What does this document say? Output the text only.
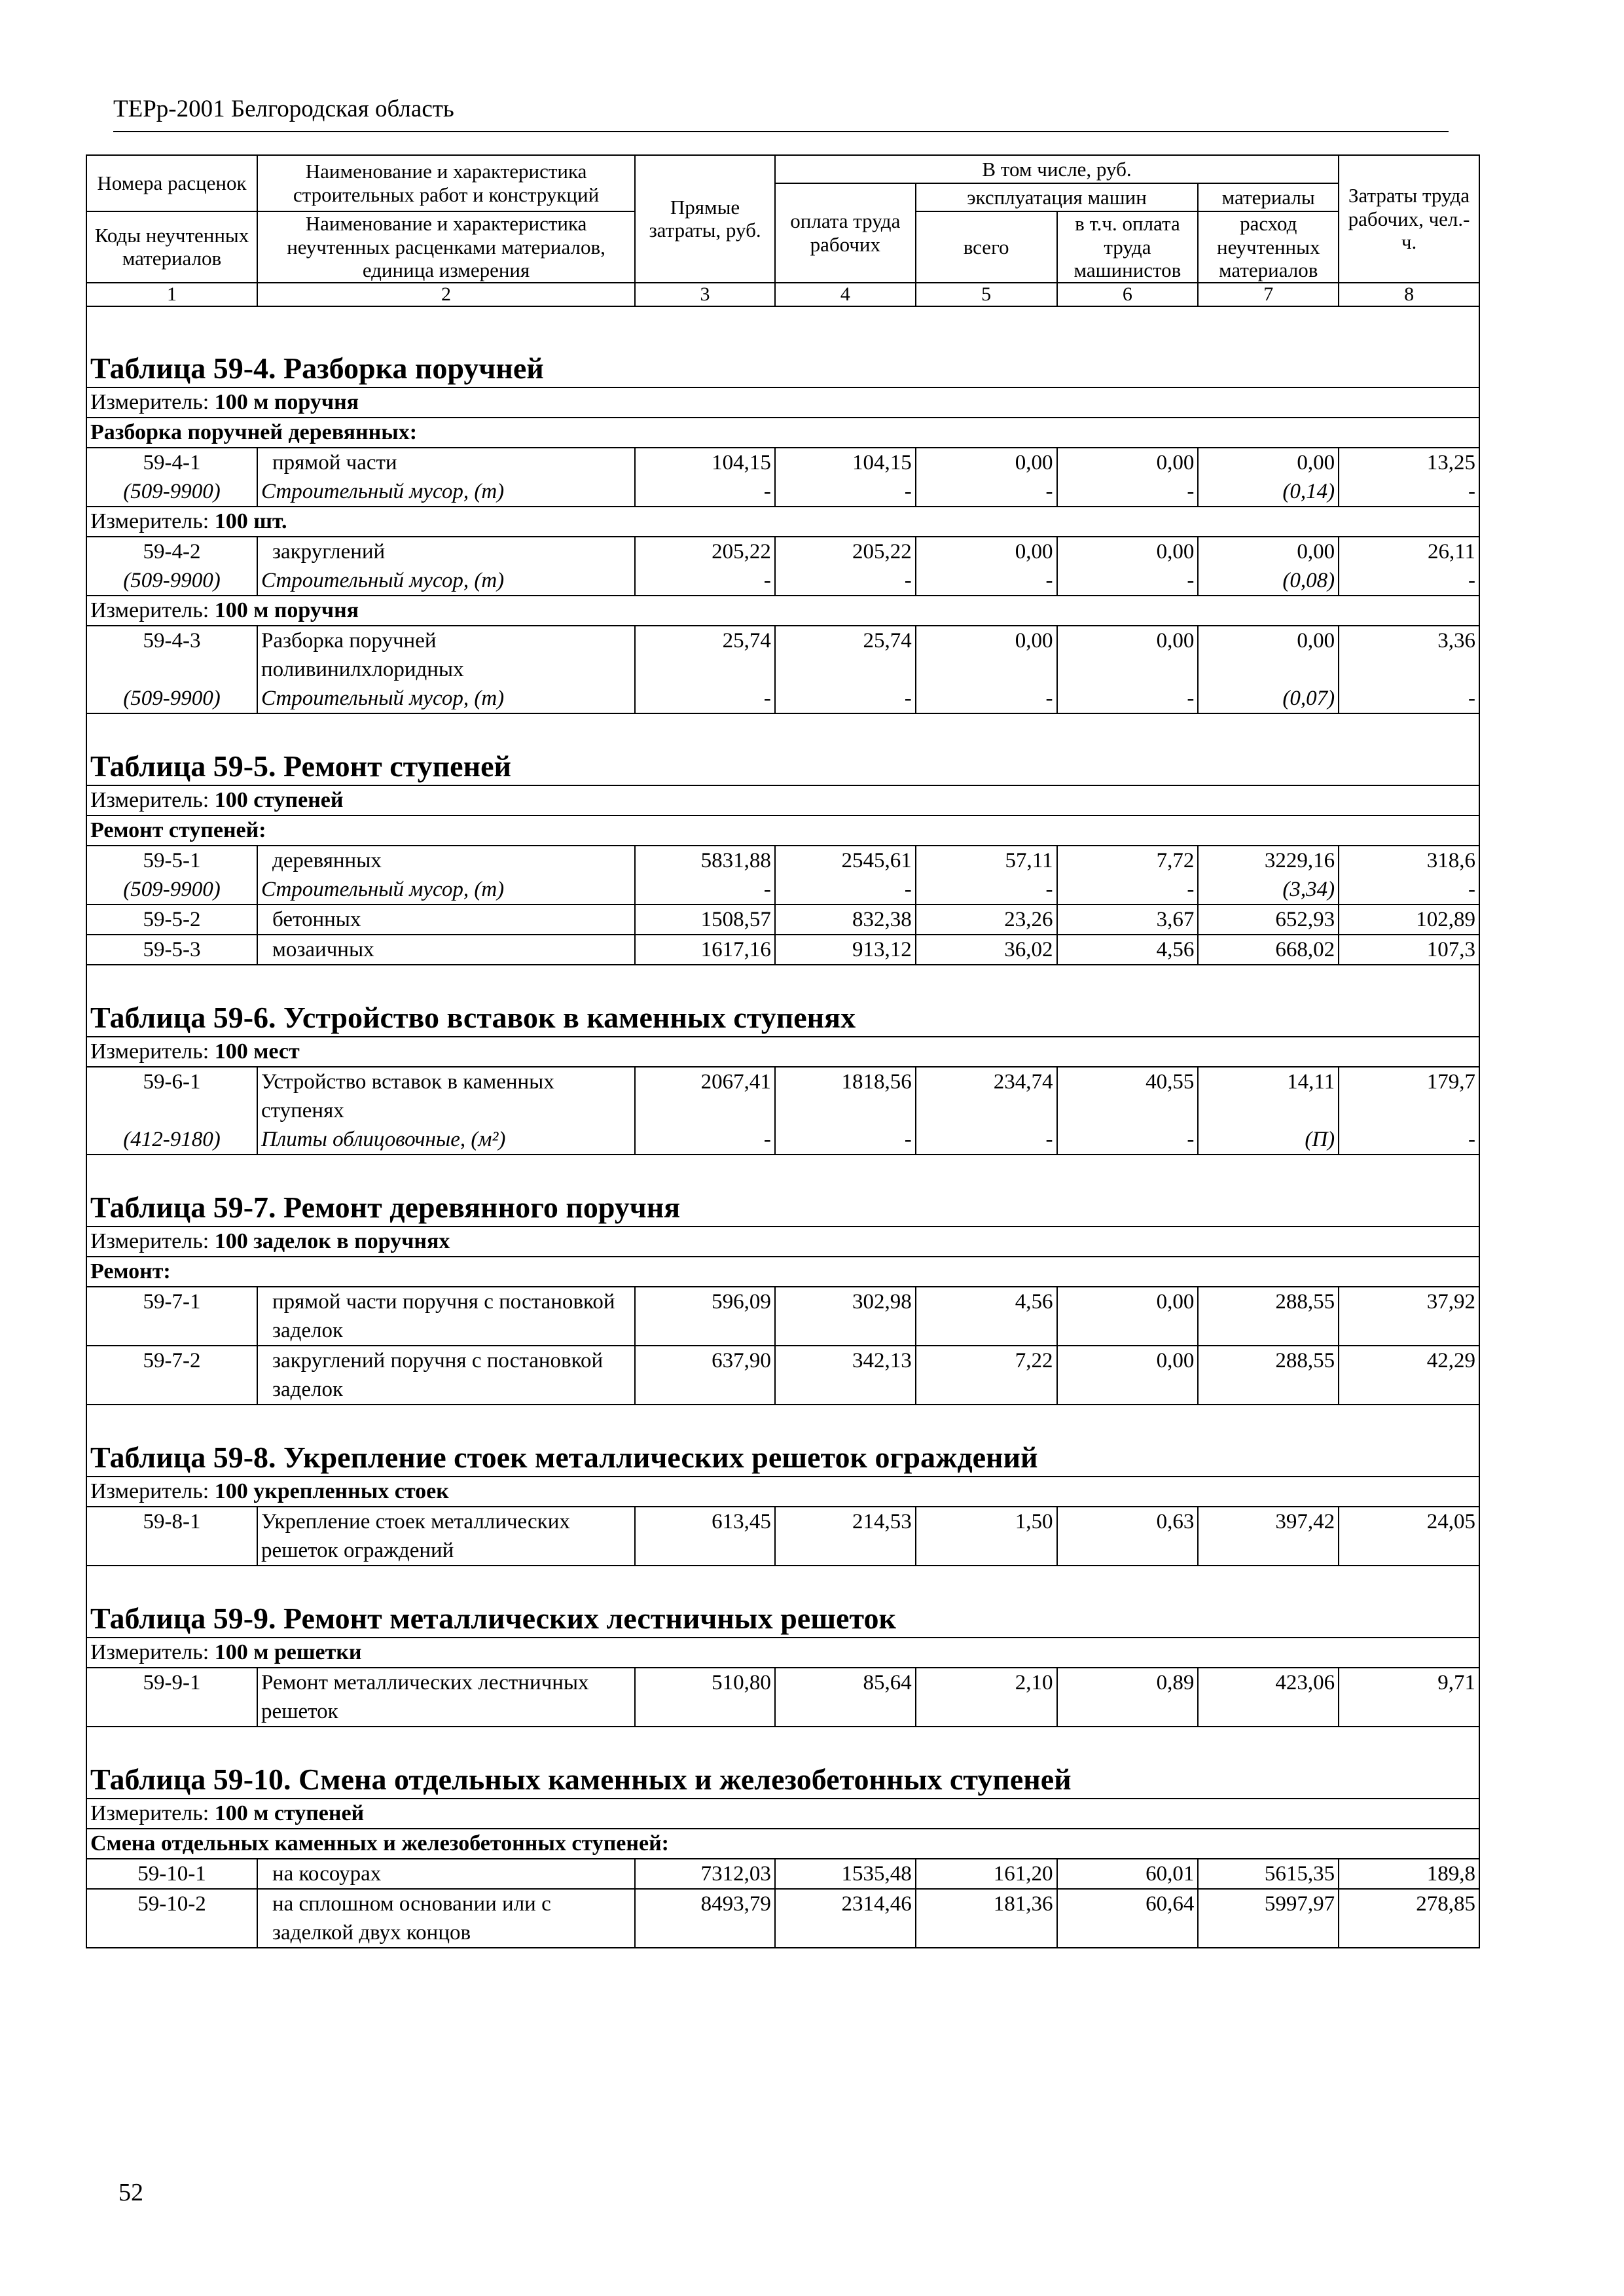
ТЕРр-2001 Белгородская область
Номера расценок	Наименование и характеристика строительных работ и конструкций	Прямые затраты, руб.	В том числе, руб.				Затраты труда рабочих, чел.-ч.
			оплата труда рабочих	эксплуатация машин		материалы	
Коды неучтенных материалов	Наименование и характеристика неучтенных расценками материалов, единица измерения			всего	в т.ч. оплата труда машинистов	расход неучтенных материалов	
1	2	3	4	5	6	7	8
Таблица 59-4. Разборка поручней							
Измеритель: 100 м поручня							
Разборка поручней деревянных:							
59-4-1	прямой части	104,15	104,15	0,00	0,00	0,00	13,25
(509-9900)	Строительный мусор, (т)	-	-	-	-	(0,14)	-
Измеритель: 100 шт.							
59-4-2	закруглений	205,22	205,22	0,00	0,00	0,00	26,11
(509-9900)	Строительный мусор, (т)	-	-	-	-	(0,08)	-
Измеритель: 100 м поручня							
59-4-3	Разборка поручней поливинилхлоридных	25,74	25,74	0,00	0,00	0,00	3,36
(509-9900)	Строительный мусор, (т)	-	-	-	-	(0,07)	-
Таблица 59-5. Ремонт ступеней							
Измеритель: 100 ступеней							
Ремонт ступеней:							
59-5-1	деревянных	5831,88	2545,61	57,11	7,72	3229,16	318,6
(509-9900)	Строительный мусор, (т)	-	-	-	-	(3,34)	-
59-5-2	бетонных	1508,57	832,38	23,26	3,67	652,93	102,89
59-5-3	мозаичных	1617,16	913,12	36,02	4,56	668,02	107,3
Таблица 59-6. Устройство вставок в каменных ступенях							
Измеритель: 100 мест							
59-6-1	Устройство вставок в каменных ступенях	2067,41	1818,56	234,74	40,55	14,11	179,7
(412-9180)	Плиты облицовочные, (м²)	-	-	-	-	(П)	-
Таблица 59-7. Ремонт деревянного поручня							
Измеритель: 100 заделок в поручнях							
Ремонт:							
59-7-1	прямой части поручня с постановкой заделок	596,09	302,98	4,56	0,00	288,55	37,92
59-7-2	закруглений поручня с постановкой заделок	637,90	342,13	7,22	0,00	288,55	42,29
Таблица 59-8. Укрепление стоек металлических решеток ограждений							
Измеритель: 100 укрепленных стоек							
59-8-1	Укрепление стоек металлических решеток ограждений	613,45	214,53	1,50	0,63	397,42	24,05
Таблица 59-9. Ремонт металлических лестничных решеток							
Измеритель: 100 м решетки							
59-9-1	Ремонт металлических лестничных решеток	510,80	85,64	2,10	0,89	423,06	9,71
Таблица 59-10. Смена отдельных каменных и железобетонных ступеней							
Измеритель: 100 м ступеней							
Смена отдельных каменных и железобетонных ступеней:							
59-10-1	на косоурах	7312,03	1535,48	161,20	60,01	5615,35	189,8
59-10-2	на сплошном основании или с заделкой двух концов	8493,79	2314,46	181,36	60,64	5997,97	278,85
52
